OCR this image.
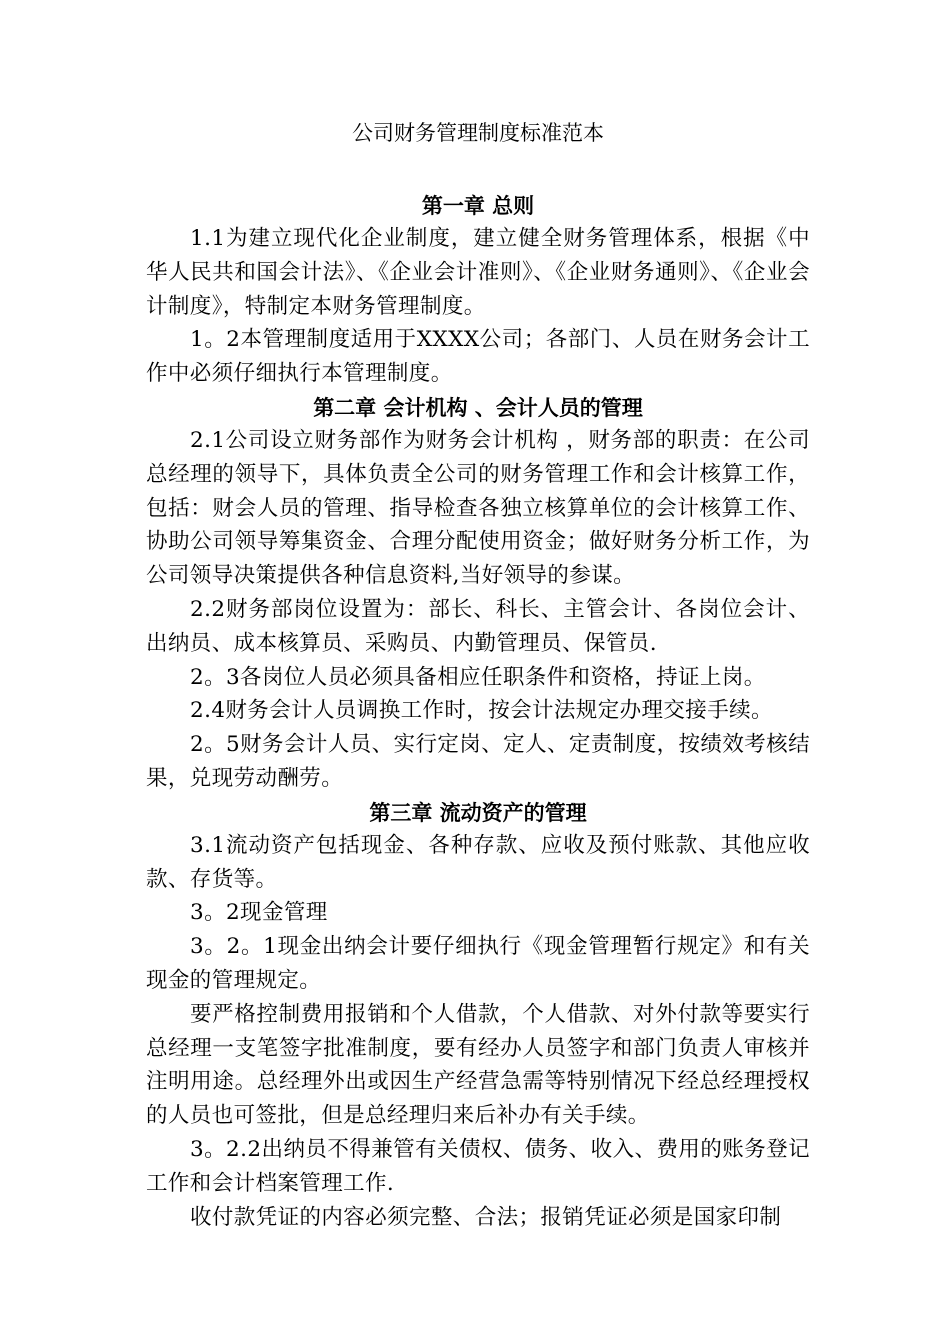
公司财务管理制度标准范本
第一章 总则

1.1为建立现代化企业制度，建立健全财务管理体系，根据《中华人民共和国会计法》、《企业会计准则》、《企业财务通则》、《企业会计制度》，特制定本财务管理制度。

1。2本管理制度适用于XXXX公司；各部门、人员在财务会计工作中必须仔细执行本管理制度。

第二章 会计机构 、会计人员的管理

2.1公司设立财务部作为财务会计机构 ，财务部的职责：在公司总经理的领导下，具体负责全公司的财务管理工作和会计核算工作，包括：财会人员的管理、指导检查各独立核算单位的会计核算工作、协助公司领导筹集资金、合理分配使用资金；做好财务分析工作，为公司领导决策提供各种信息资料,当好领导的参谋。

2.2财务部岗位设置为：部长、科长、主管会计、各岗位会计、出纳员、成本核算员、采购员、内勤管理员、保管员.

2。3各岗位人员必须具备相应任职条件和资格，持证上岗。

2.4财务会计人员调换工作时，按会计法规定办理交接手续。

2。5财务会计人员、实行定岗、定人、定责制度，按绩效考核结果，兑现劳动酬劳。

第三章 流动资产的管理

3.1流动资产包括现金、各种存款、应收及预付账款、其他应收款、存货等。

3。2现金管理

3。2。1现金出纳会计要仔细执行《现金管理暂行规定》和有关现金的管理规定。

要严格控制费用报销和个人借款，个人借款、对外付款等要实行总经理一支笔签字批准制度，要有经办人员签字和部门负责人审核并注明用途。总经理外出或因生产经营急需等特别情况下经总经理授权的人员也可签批，但是总经理归来后补办有关手续。

3。2.2出纳员不得兼管有关债权、债务、收入、费用的账务登记工作和会计档案管理工作.

收付款凭证的内容必须完整、合法；报销凭证必须是国家印制
